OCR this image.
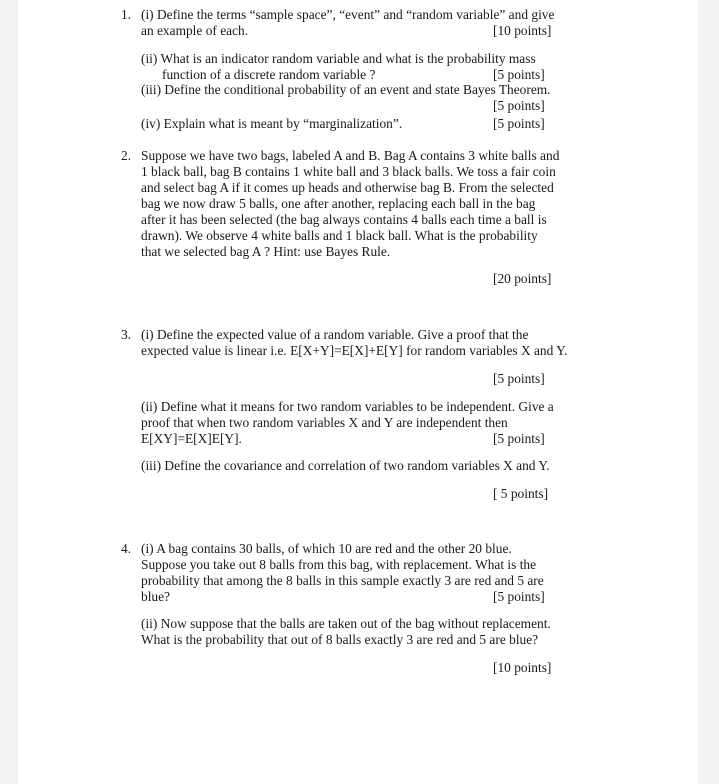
1. (i) Define the terms “sample space”, “event” and “random variable” and give
an example of each.	[10 points]
(ii) What is an indicator random variable and what is the probability mass
function of a discrete random variable ?	[5 points]
(iii) Define the conditional probability of an event and state Bayes Theorem.
[5 points]
(iv) Explain what is meant by “marginalization”.	[5 points]
2. Suppose we have two bags, labeled A and B. Bag A contains 3 white balls and
1 black ball, bag B contains 1 white ball and 3 black balls. We toss a fair coin
and select bag A if it comes up heads and otherwise bag B. From the selected
bag we now draw 5 balls, one after another, replacing each ball in the bag
after it has been selected (the bag always contains 4 balls each time a ball is
drawn). We observe 4 white balls and 1 black ball. What is the probability
that we selected bag A ? Hint: use Bayes Rule.
[20 points]
3. (i) Define the expected value of a random variable. Give a proof that the
expected value is linear i.e. E[X+Y]=E[X]+E[Y] for random variables X and Y.
[5 points]
(ii) Define what it means for two random variables to be independent. Give a
proof that when two random variables X and Y are independent then
E[XY]=E[X]E[Y].	[5 points]
(iii) Define the covariance and correlation of two random variables X and Y.
[ 5 points]
4. (i) A bag contains 30 balls, of which 10 are red and the other 20 blue.
Suppose you take out 8 balls from this bag, with replacement. What is the
probability that among the 8 balls in this sample exactly 3 are red and 5 are
blue?	[5 points]
(ii) Now suppose that the balls are taken out of the bag without replacement.
What is the probability that out of 8 balls exactly 3 are red and 5 are blue?
[10 points]
